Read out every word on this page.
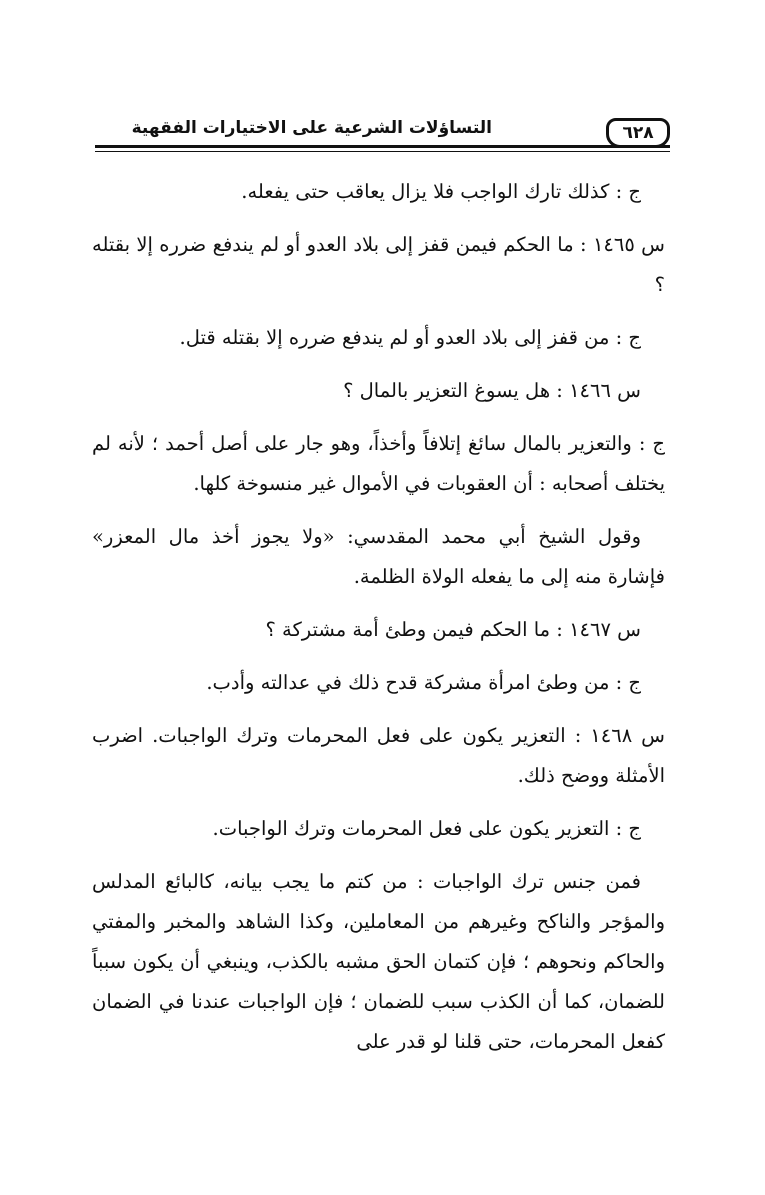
التساؤلات الشرعية على الاختيارات الفقهية	٦٢٨

ج : كذلك تارك الواجب فلا يزال يعاقب حتى يفعله.

س ١٤٦٥ : ما الحكم فيمن قفز إلى بلاد العدو أو لم يندفع ضرره إلا بقتله ؟

ج : من قفز إلى بلاد العدو أو لم يندفع ضرره إلا بقتله قتل.

س ١٤٦٦ : هل يسوغ التعزير بالمال ؟

ج : والتعزير بالمال سائغ إتلافاً وأخذاً، وهو جار على أصل أحمد ؛ لأنه لم يختلف أصحابه : أن العقوبات في الأموال غير منسوخة كلها.

وقول الشيخ أبي محمد المقدسي: «ولا يجوز أخذ مال المعزر» فإشارة منه إلى ما يفعله الولاة الظلمة.

س ١٤٦٧ : ما الحكم فيمن وطئ أمة مشتركة ؟

ج : من وطئ امرأة مشركة قدح ذلك في عدالته وأدب.

س ١٤٦٨ : التعزير يكون على فعل المحرمات وترك الواجبات. اضرب الأمثلة ووضح ذلك.

ج : التعزير يكون على فعل المحرمات وترك الواجبات.

فمن جنس ترك الواجبات : من كتم ما يجب بيانه، كالبائع المدلس والمؤجر والناكح وغيرهم من المعاملين، وكذا الشاهد والمخبر والمفتي والحاكم ونحوهم ؛ فإن كتمان الحق مشبه بالكذب، وينبغي أن يكون سبباً للضمان، كما أن الكذب سبب للضمان ؛ فإن الواجبات عندنا في الضمان كفعل المحرمات، حتى قلنا لو قدر على
